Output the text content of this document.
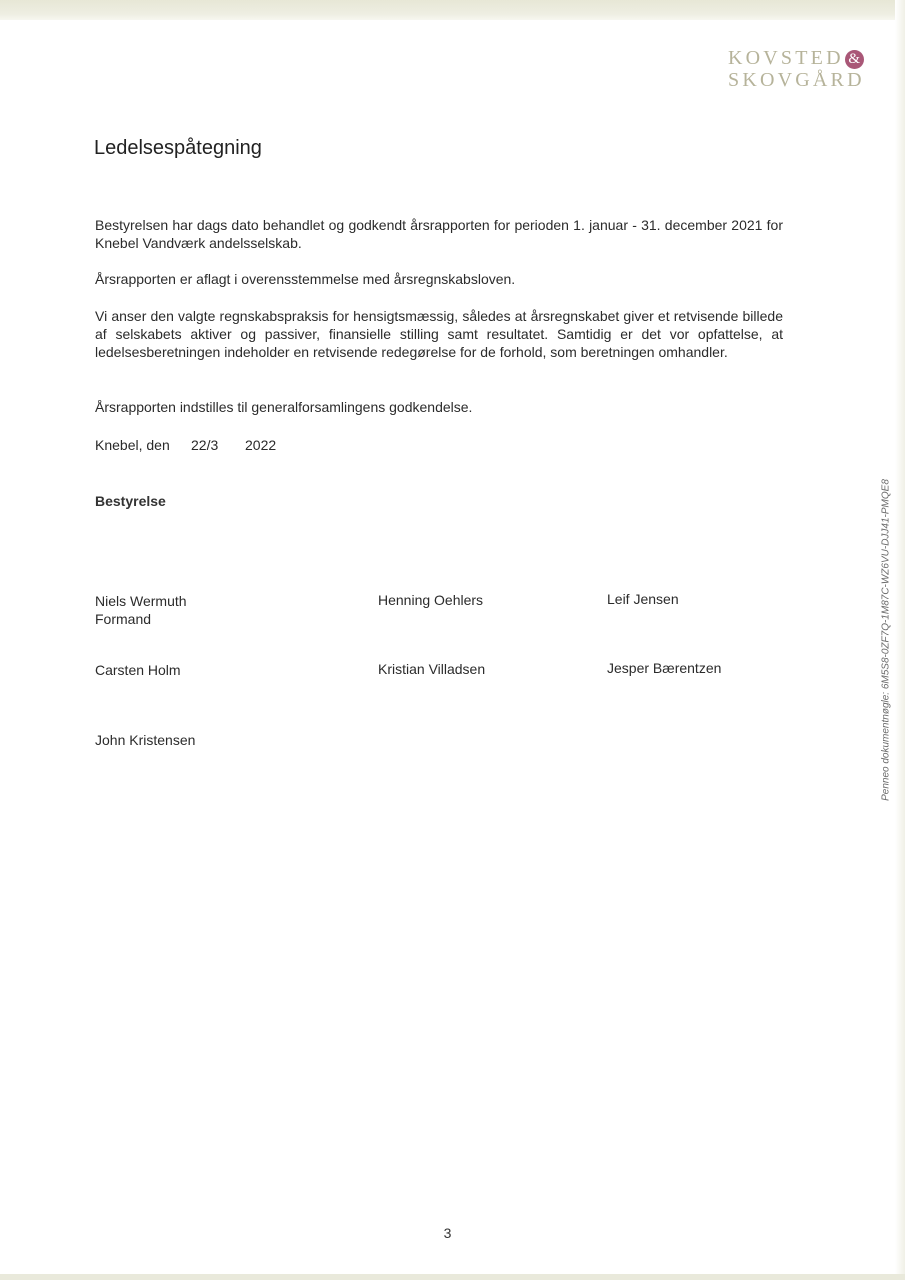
KOVSTED &
SKOVGÅRD
Ledelsespåtegning

Bestyrelsen har dags dato behandlet og godkendt årsrapporten for perioden 1. januar - 31. december 2021 for Knebel Vandværk andelsselskab.

Årsrapporten er aflagt i overensstemmelse med årsregnskabsloven.

Vi anser den valgte regnskabspraksis for hensigtsmæssig, således at årsregnskabet giver et retvisende billede af selskabets aktiver og passiver, finansielle stilling samt resultatet. Samtidig er det vor opfattelse, at ledelsesberetningen indeholder en retvisende redegørelse for de forhold, som beretningen omhandler.

Årsrapporten indstilles til generalforsamlingens godkendelse.

Knebel, den 22/3 2022
Bestyrelse
Niels Wermuth
Formand
Henning Oehlers	Leif Jensen
Carsten Holm	Kristian Villadsen	Jesper Bærentzen
John Kristensen	Penneo dokumentnøgle: 6M5S8-0ZF7Q-1M87C-WZ6VU-DJJ41-PMQE8
3
